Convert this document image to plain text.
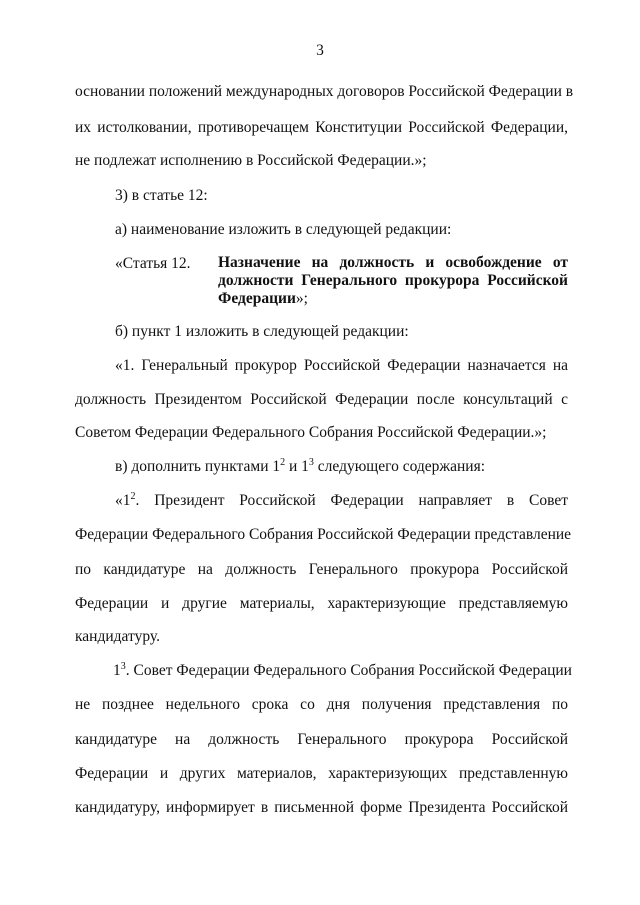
3
основании положений международных договоров Российской Федерации в
их истолковании, противоречащем Конституции Российской Федерации,
не подлежат исполнению в Российской Федерации.»;
3) в статье 12:
а) наименование изложить в следующей редакции:
«Статья 12. Назначение на должность и освобождение от
должности Генерального прокурора Российской
Федерации»;
б) пункт 1 изложить в следующей редакции:
«1. Генеральный прокурор Российской Федерации назначается на
должность Президентом Российской Федерации после консультаций с
Советом Федерации Федерального Собрания Российской Федерации.»;
в) дополнить пунктами $1^2$ и $1^3$ следующего содержания:
«$1^2$. Президент Российской Федерации направляет в Совет
Федерации Федерального Собрания Российской Федерации представление
по кандидатуре на должность Генерального прокурора Российской
Федерации и другие материалы, характеризующие представляемую
кандидатуру.
$1^3$. Совет Федерации Федерального Собрания Российской Федерации
не позднее недельного срока со дня получения представления по
кандидатуре на должность Генерального прокурора Российской
Федерации и других материалов, характеризующих представленную
кандидатуру, информирует в письменной форме Президента Российской
